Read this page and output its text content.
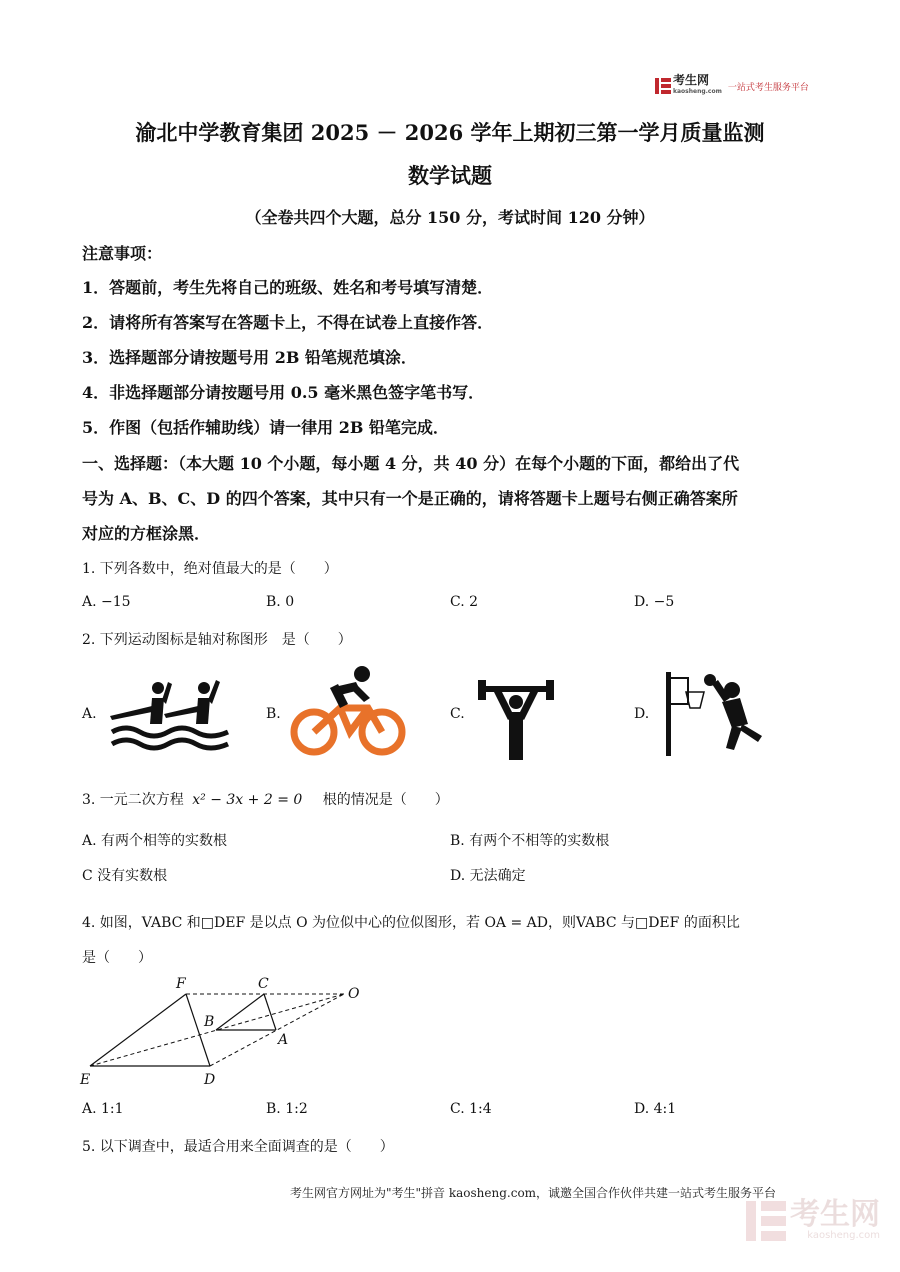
考生网
kaosheng.com 一站式考生服务平台
渝北中学教育集团 2025 － 2026 学年上期初三第一学月质量监测
数学试题
（全卷共四个大题，总分 150 分，考试时间 120 分钟）
注意事项：
1．答题前，考生先将自己的班级、姓名和考号填写清楚．
2．请将所有答案写在答题卡上，不得在试卷上直接作答．
3．选择题部分请按题号用 2B 铅笔规范填涂．
4．非选择题部分请按题号用 0.5 毫米黑色签字笔书写．
5．作图（包括作辅助线）请一律用 2B 铅笔完成．
一、选择题：（本大题 10 个小题，每小题 4 分，共 40 分）在每个小题的下面，都给出了代
号为 A、B、C、D 的四个答案，其中只有一个是正确的，请将答题卡上题号右侧正确答案所
对应的方框涂黑．
1. 下列各数中，绝对值最大的是（　　）
A. −15	B. 0	C. 2	D. −5
2. 下列运动图标是轴对称图形　是（　　）
A.	B.	C.	D.
3. 一元二次方程 x² − 3x + 2 = 0 根的情况是（　　）
A. 有两个相等的实数根	B. 有两个不相等的实数根
C 没有实数根	D. 无法确定
4. 如图，VABC 和□DEF 是以点 O 为位似中心的位似图形，若 OA = AD，则VABC 与□DEF 的面积比
是（　　）
F	C
O
B
A
E	D
A. 1:1	B. 1:2	C. 1:4	D. 4:1
5. 以下调查中，最适合用来全面调查的是（　　）
考生网官方网址为"考生"拼音 kaosheng.com，诚邀全国合作伙伴共建一站式考生服务平台
考生网
kaosheng.com
